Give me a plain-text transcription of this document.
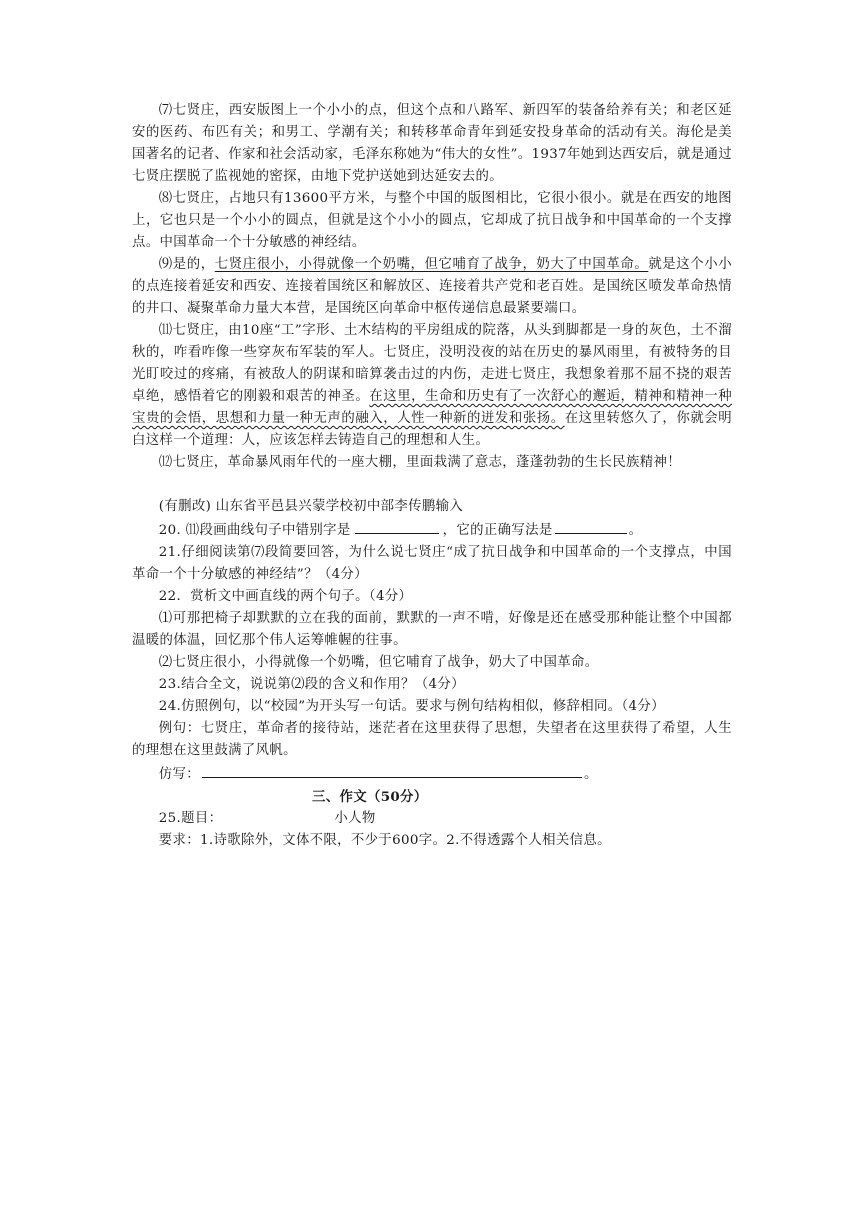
⑺七贤庄，西安版图上一个小小的点，但这个点和八路军、新四军的装备给养有关；和老区延安的医药、布匹有关；和男工、学潮有关；和转移革命青年到延安投身革命的活动有关。海伦是美国著名的记者、作家和社会活动家，毛泽东称她为“伟大的女性”。1937年她到达西安后，就是通过七贤庄摆脱了监视她的密探，由地下党护送她到达延安去的。

⑻七贤庄，占地只有13600平方米，与整个中国的版图相比，它很小很小。就是在西安的地图上，它也只是一个小小的圆点，但就是这个小小的圆点，它却成了抗日战争和中国革命的一个支撑点。中国革命一个十分敏感的神经结。

⑼是的，七贤庄很小，小得就像一个奶嘴，但它哺育了战争，奶大了中国革命。就是这个小小的点连接着延安和西安、连接着国统区和解放区、连接着共产党和老百姓。是国统区喷发革命热情的井口、凝聚革命力量大本营，是国统区向革命中枢传递信息最紧要端口。

⑾七贤庄，由10座“工”字形、土木结构的平房组成的院落，从头到脚都是一身的灰色，土不溜秋的，咋看咋像一些穿灰布军装的军人。七贤庄，没明没夜的站在历史的暴风雨里，有被特务的目光盯咬过的疼痛，有被敌人的阴谋和暗算袭击过的内伤，走进七贤庄，我想象着那不屈不挠的艰苦卓绝，感悟着它的刚毅和艰苦的神圣。在这里，生命和历史有了一次舒心的邂逅，精神和精神一种宝贵的会悟，思想和力量一种无声的融入，人性一种新的迸发和张扬。在这里转悠久了，你就会明白这样一个道理：人，应该怎样去铸造自己的理想和人生。

⑿七贤庄，革命暴风雨年代的一座大棚，里面栽满了意志，蓬蓬勃勃的生长民族精神！

(有删改) 山东省平邑县兴蒙学校初中部李传鹏输入

20. ⑾段画曲线句子中错别字是	，它的正确写法是	。

21.仔细阅读第⑺段简要回答，为什么说七贤庄“成了抗日战争和中国革命的一个支撑点，中国革命一个十分敏感的神经结”？（4分）

22．赏析文中画直线的两个句子。（4分）

⑴可那把椅子却默默的立在我的面前，默默的一声不啃，好像是还在感受那种能让整个中国都温暖的体温，回忆那个伟人运筹帷幄的往事。

⑵七贤庄很小，小得就像一个奶嘴，但它哺育了战争，奶大了中国革命。

23.结合全文，说说第⑵段的含义和作用？（4分）

24.仿照例句，以“校园”为开头写一句话。要求与例句结构相似，修辞相同。（4分）

例句：七贤庄，革命者的接待站，迷茫者在这里获得了思想，失望者在这里获得了希望，人生的理想在这里鼓满了风帆。

仿写：	。

三、作文（50分）

25.题目：	小人物

要求：1.诗歌除外，文体不限，不少于600字。2.不得透露个人相关信息。
